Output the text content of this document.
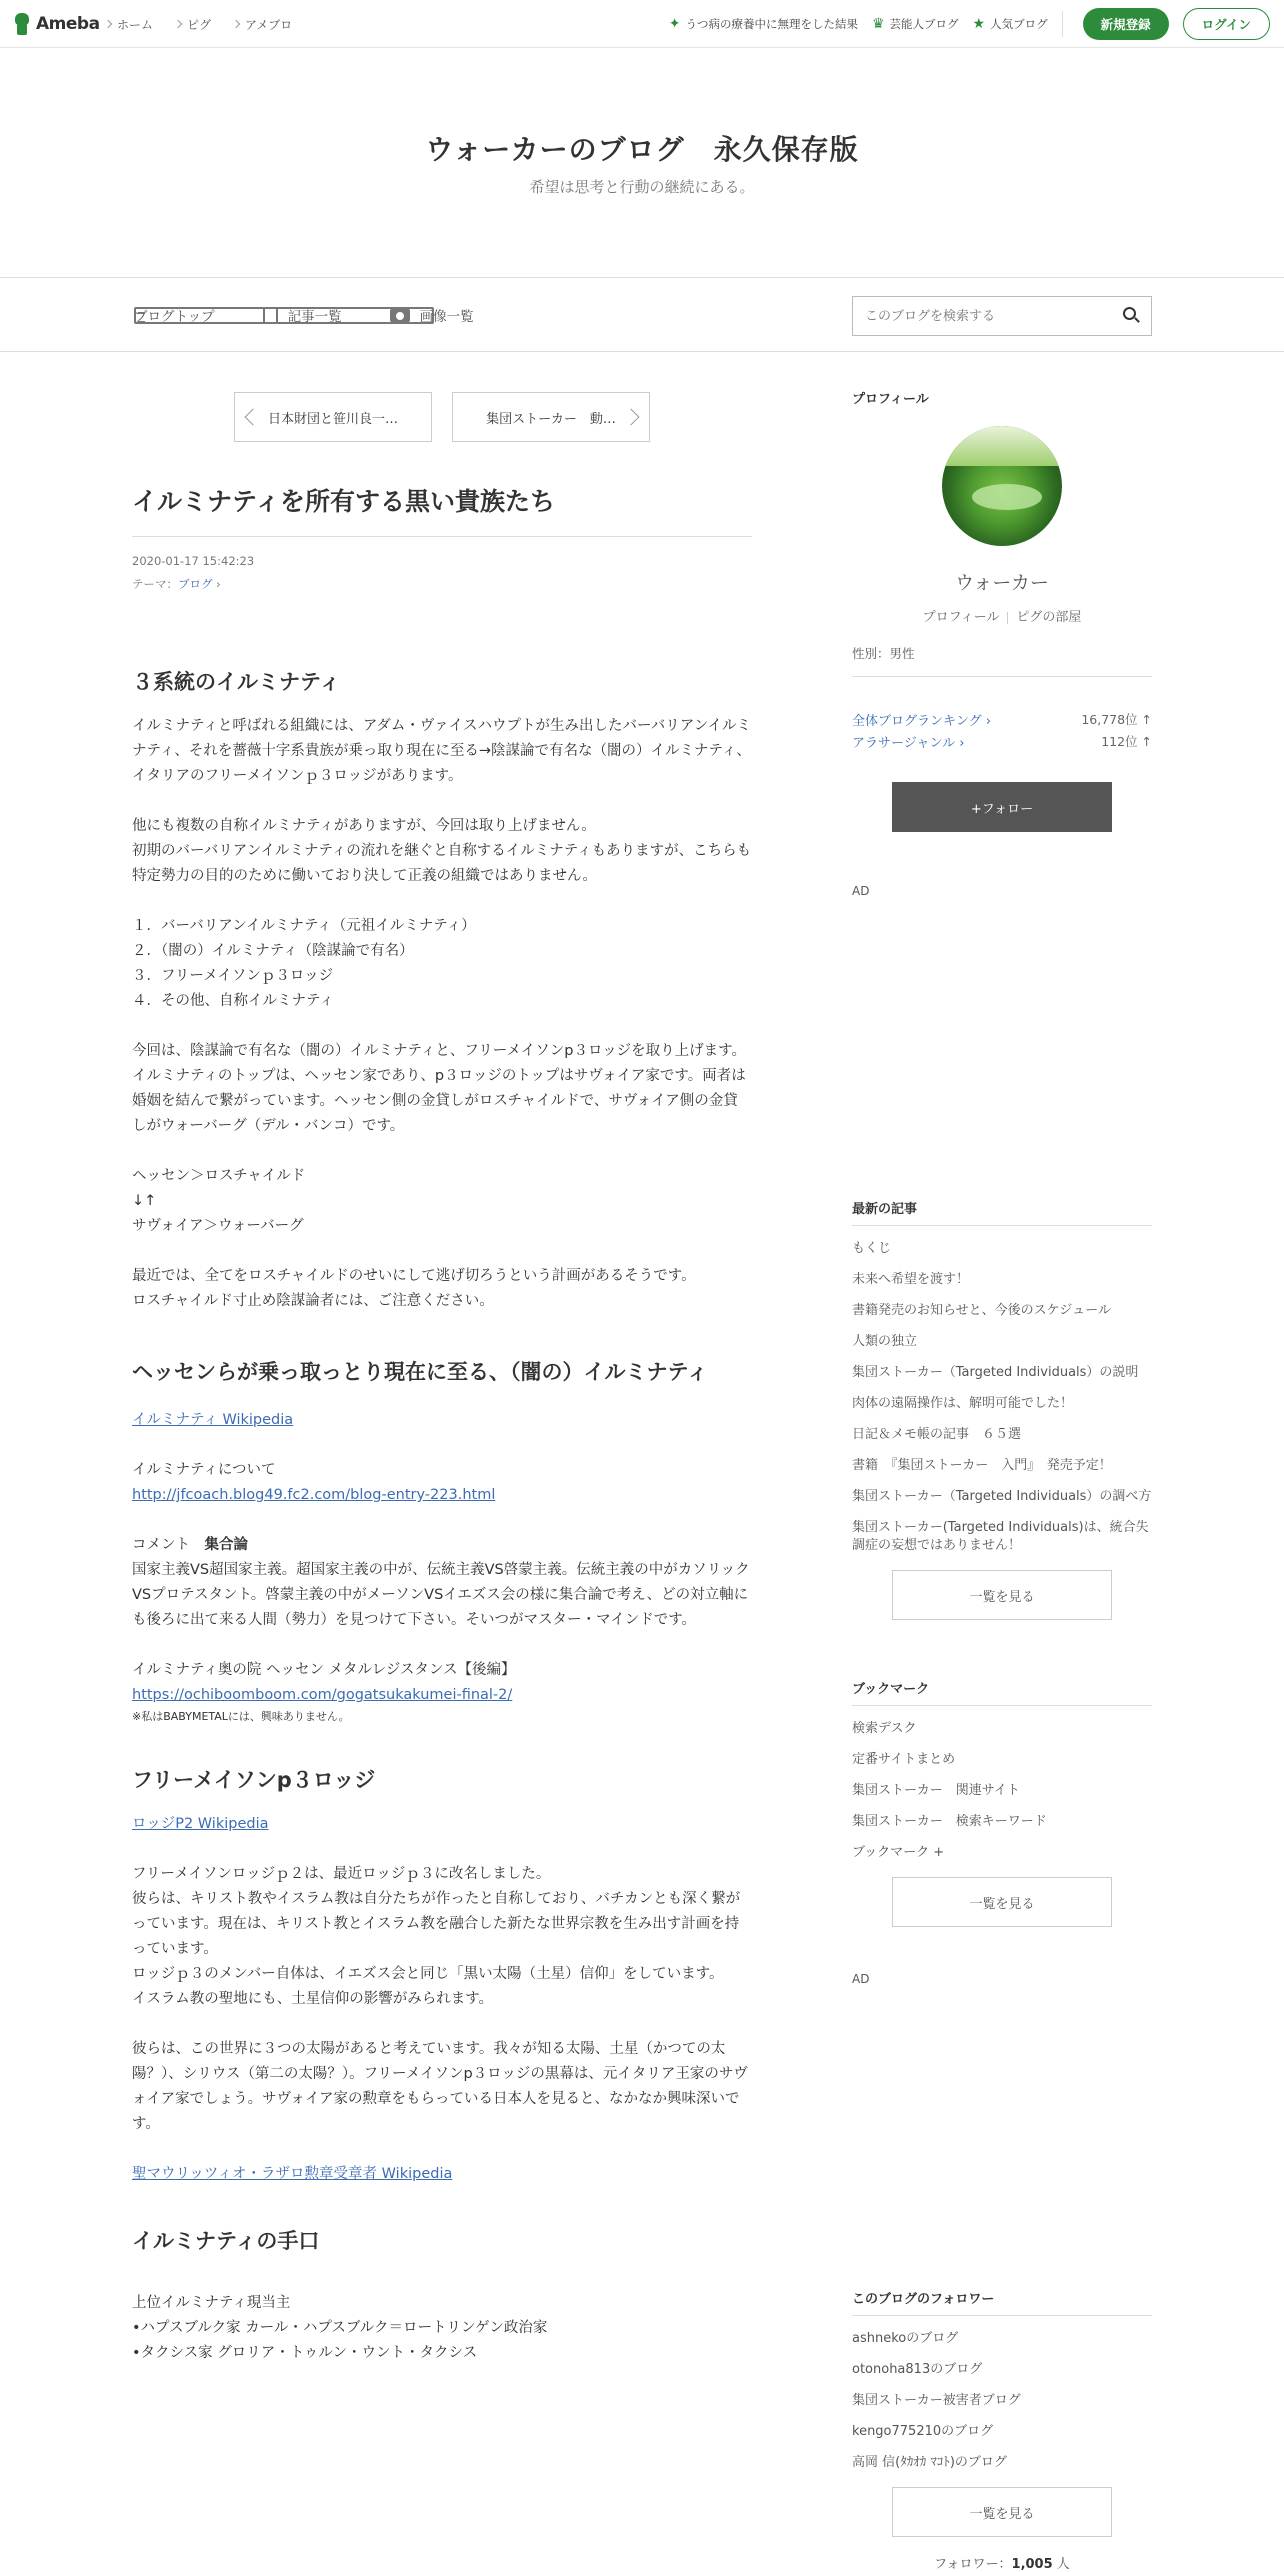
Ameba ホーム	ピグ	アメブロ	✦ うつ病の療養中に無理をした結果 ♛ 芸能人ブログ ★ 人気ブログ	新規登録	ログイン
ウォーカーのブログ　永久保存版
希望は思考と行動の継続にある。
ブログトップ	記事一覧	画像一覧
このブログを検索する
日本財団と笹川良一…	集団ストーカー　動…
イルミナティを所有する黒い貴族たち
2020-01-17 15:42:23
テーマ：ブログ ›
３系統のイルミナティ

イルミナティと呼ばれる組織には、アダム・ヴァイスハウプトが生み出したバーバリアンイルミナティ、それを薔薇十字系貴族が乗っ取り現在に至る→陰謀論で有名な（闇の）イルミナティ、イタリアのフリーメイソンｐ３ロッジがあります。

他にも複数の自称イルミナティがありますが、今回は取り上げません。

初期のバーバリアンイルミナティの流れを継ぐと自称するイルミナティもありますが、こちらも特定勢力の目的のために働いており決して正義の組織ではありません。

１．バーバリアンイルミナティ（元祖イルミナティ）

２．（闇の）イルミナティ（陰謀論で有名）

３．フリーメイソンｐ３ロッジ

４．その他、自称イルミナティ

今回は、陰謀論で有名な（闇の）イルミナティと、フリーメイソンp３ロッジを取り上げます。

イルミナティのトップは、ヘッセン家であり、p３ロッジのトップはサヴォイア家です。両者は婚姻を結んで繋がっています。ヘッセン側の金貸しがロスチャイルドで、サヴォイア側の金貸しがウォーバーグ（デル・バンコ）です。

ヘッセン＞ロスチャイルド

↓↑

サヴォイア＞ウォーバーグ

最近では、全てをロスチャイルドのせいにして逃げ切ろうという計画があるそうです。

ロスチャイルド寸止め陰謀論者には、ご注意ください。

ヘッセンらが乗っ取っとり現在に至る、（闇の）イルミナティ

イルミナティ Wikipedia

イルミナティについて

http://jfcoach.blog49.fc2.com/blog-entry-223.html

コメント　集合論

国家主義VS超国家主義。超国家主義の中が、伝統主義VS啓蒙主義。伝統主義の中がカソリックVSプロテスタント。啓蒙主義の中がメーソンVSイエズス会の様に集合論で考え、どの対立軸にも後ろに出て来る人間（勢力）を見つけて下さい。そいつがマスター・マインドです。

イルミナティ奥の院 ヘッセン メタルレジスタンス【後編】

https://ochiboomboom.com/gogatsukakumei-final-2/

※私はBABYMETALには、興味ありません。

フリーメイソンp３ロッジ

ロッジP2 Wikipedia

フリーメイソンロッジｐ２は、最近ロッジｐ３に改名しました。

彼らは、キリスト教やイスラム教は自分たちが作ったと自称しており、バチカンとも深く繋がっています。現在は、キリスト教とイスラム教を融合した新たな世界宗教を生み出す計画を持っています。

ロッジｐ３のメンバー自体は、イエズス会と同じ「黒い太陽（土星）信仰」をしています。

イスラム教の聖地にも、土星信仰の影響がみられます。

彼らは、この世界に３つの太陽があると考えています。我々が知る太陽、土星（かつての太陽？）、シリウス（第二の太陽？）。フリーメイソンp３ロッジの黒幕は、元イタリア王家のサヴォイア家でしょう。サヴォイア家の勲章をもらっている日本人を見ると、なかなか興味深いです。

聖マウリッツィオ・ラザロ勲章受章者 Wikipedia

イルミナティの手口

上位イルミナティ現当主

•ハプスブルク家 カール・ハプスブルク＝ロートリンゲン政治家

•タクシス家 グロリア・トゥルン・ウント・タクシス

プロフィール
ウォーカー
プロフィール ピグの部屋
性別：男性
全体ブログランキング ›	16,778位 ↑
アラサージャンル ›	112位 ↑
+フォロー
AD
最新の記事
もくじ
未来へ希望を渡す！
書籍発売のお知らせと、今後のスケジュール
人類の独立
集団ストーカー（Targeted Individuals）の説明
肉体の遠隔操作は、解明可能でした！
日記＆メモ帳の記事　６５選
書籍　『集団ストーカー　入門』　発売予定！
集団ストーカー（Targeted Individuals）の調べ方
集団ストーカー(Targeted Individuals)は、統合失調症の妄想ではありません！
一覧を見る
ブックマーク
検索デスク
定番サイトまとめ
集団ストーカー　関連サイト
集団ストーカー　検索キーワード
ブックマーク +
一覧を見る
AD
このブログのフォロワー
ashnekoのブログ
otonoha813のブログ
集団ストーカー被害者ブログ
kengo775210のブログ
高岡 信(ﾀｶｵｶ ﾏｺﾄ)のブログ
一覧を見る
フォロワー：1,005 人
